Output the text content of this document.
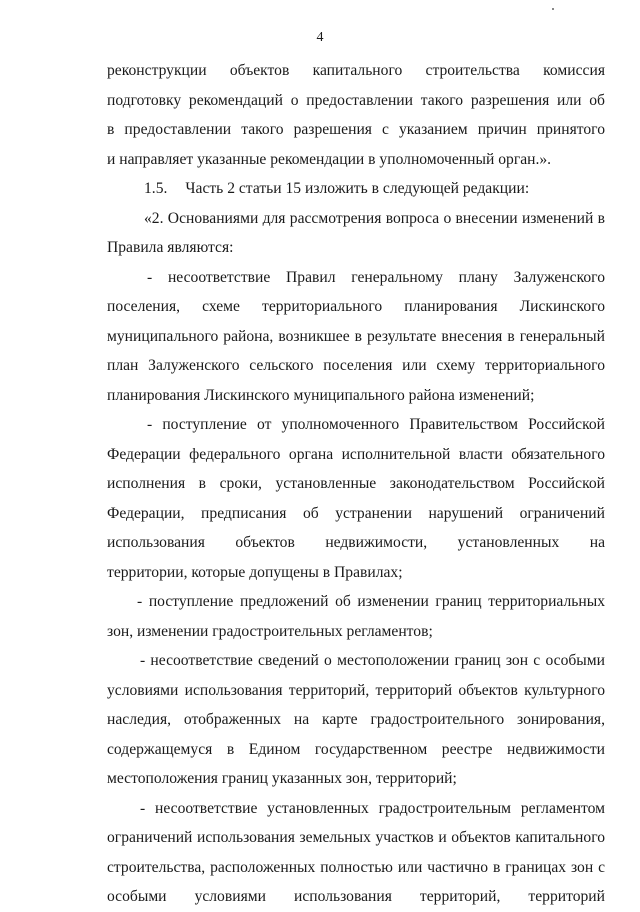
4
реконструкции объектов капитального строительства комиссия
подготовку рекомендаций о предоставлении такого разрешения или об
в предоставлении такого разрешения с указанием причин принятого
и направляет указанные рекомендации в уполномоченный орган.».
1.5. Часть 2 статьи 15 изложить в следующей редакции:
«2. Основаниями для рассмотрения вопроса о внесении изменений в
Правила являются:
- несоответствие Правил генеральному плану Залуженского
поселения, схеме территориального планирования Лискинского
муниципального района, возникшее в результате внесения в генеральный
план Залуженского сельского поселения или схему территориального
планирования Лискинского муниципального района изменений;
- поступление от уполномоченного Правительством Российской
Федерации федерального органа исполнительной власти обязательного
исполнения в сроки, установленные законодательством Российской
Федерации, предписания об устранении нарушений ограничений
использования объектов недвижимости, установленных на
территории, которые допущены в Правилах;
- поступление предложений об изменении границ территориальных
зон, изменении градостроительных регламентов;
- несоответствие сведений о местоположении границ зон с особыми
условиями использования территорий, территорий объектов культурного
наследия, отображенных на карте градостроительного зонирования,
содержащемуся в Едином государственном реестре недвижимости
местоположения границ указанных зон, территорий;
- несоответствие установленных градостроительным регламентом
ограничений использования земельных участков и объектов капитального
строительства, расположенных полностью или частично в границах зон с
особыми условиями использования территорий, территорий
